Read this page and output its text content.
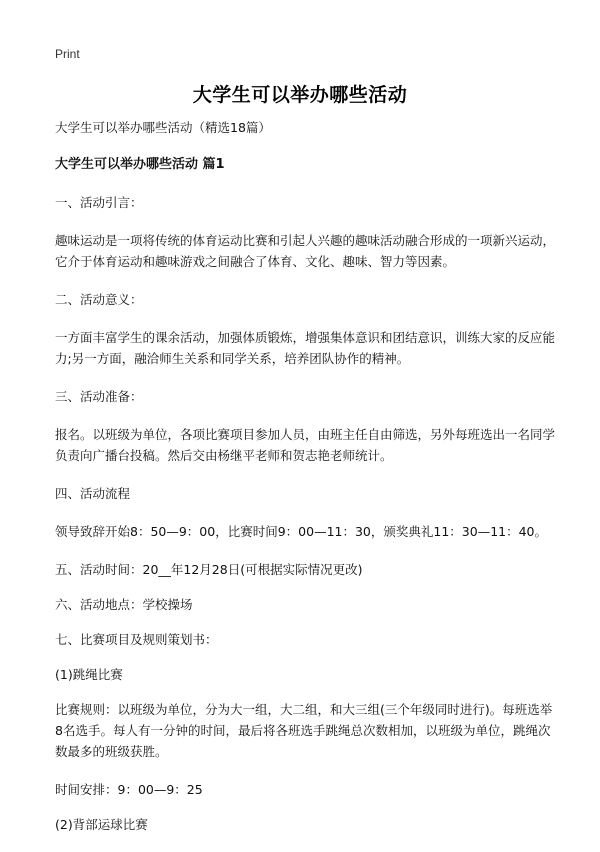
Print
大学生可以举办哪些活动
大学生可以举办哪些活动（精选18篇）
大学生可以举办哪些活动 篇1
一、活动引言：
趣味运动是一项将传统的体育运动比赛和引起人兴趣的趣味活动融合形成的一项新兴运动，它介于体育运动和趣味游戏之间融合了体育、文化、趣味、智力等因素。
二、活动意义：
一方面丰富学生的课余活动，加强体质锻炼，增强集体意识和团结意识，训练大家的反应能力;另一方面，融洽师生关系和同学关系，培养团队协作的精神。
三、活动准备：
报名。以班级为单位，各项比赛项目参加人员，由班主任自由筛选，另外每班选出一名同学负责向广播台投稿。然后交由杨继平老师和贺志艳老师统计。
四、活动流程
领导致辞开始8：50—9：00，比赛时间9：00—11：30，颁奖典礼11：30—11：40。
五、活动时间：20__年12月28日(可根据实际情况更改)
六、活动地点：学校操场
七、比赛项目及规则策划书：
(1)跳绳比赛
比赛规则：以班级为单位，分为大一组，大二组，和大三组(三个年级同时进行)。每班选举8名选手。每人有一分钟的时间，最后将各班选手跳绳总次数相加，以班级为单位，跳绳次数最多的班级获胜。
时间安排：9：00—9：25
(2)背部运球比赛
